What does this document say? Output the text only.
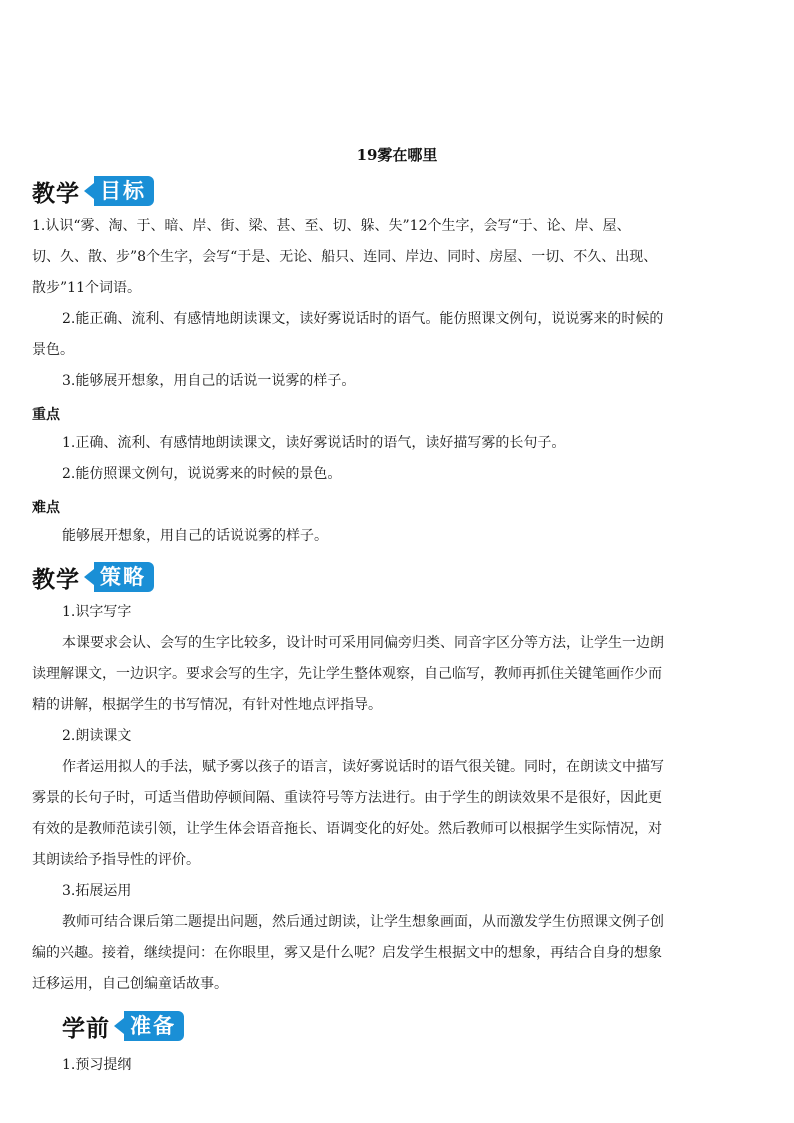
19雾在哪里
教学 目标
1.认识“雾、淘、于、暗、岸、街、梁、甚、至、切、躲、失”12个生字，会写“于、论、岸、屋、
切、久、散、步”8个生字，会写“于是、无论、船只、连同、岸边、同时、房屋、一切、不久、出现、
散步”11个词语。
2.能正确、流利、有感情地朗读课文，读好雾说话时的语气。能仿照课文例句，说说雾来的时候的
景色。
3.能够展开想象，用自己的话说一说雾的样子。
重点
1.正确、流利、有感情地朗读课文，读好雾说话时的语气，读好描写雾的长句子。
2.能仿照课文例句，说说雾来的时候的景色。
难点
能够展开想象，用自己的话说说雾的样子。
教学 策略
1.识字写字
本课要求会认、会写的生字比较多，设计时可采用同偏旁归类、同音字区分等方法，让学生一边朗
读理解课文，一边识字。要求会写的生字，先让学生整体观察，自己临写，教师再抓住关键笔画作少而
精的讲解，根据学生的书写情况，有针对性地点评指导。
2.朗读课文
作者运用拟人的手法，赋予雾以孩子的语言，读好雾说话时的语气很关键。同时，在朗读文中描写
雾景的长句子时，可适当借助停顿间隔、重读符号等方法进行。由于学生的朗读效果不是很好，因此更
有效的是教师范读引领，让学生体会语音拖长、语调变化的好处。然后教师可以根据学生实际情况，对
其朗读给予指导性的评价。
3.拓展运用
教师可结合课后第二题提出问题，然后通过朗读，让学生想象画面，从而激发学生仿照课文例子创
编的兴趣。接着，继续提问：在你眼里，雾又是什么呢？启发学生根据文中的想象，再结合自身的想象
迁移运用，自己创编童话故事。
学前 准备
1.预习提纲
